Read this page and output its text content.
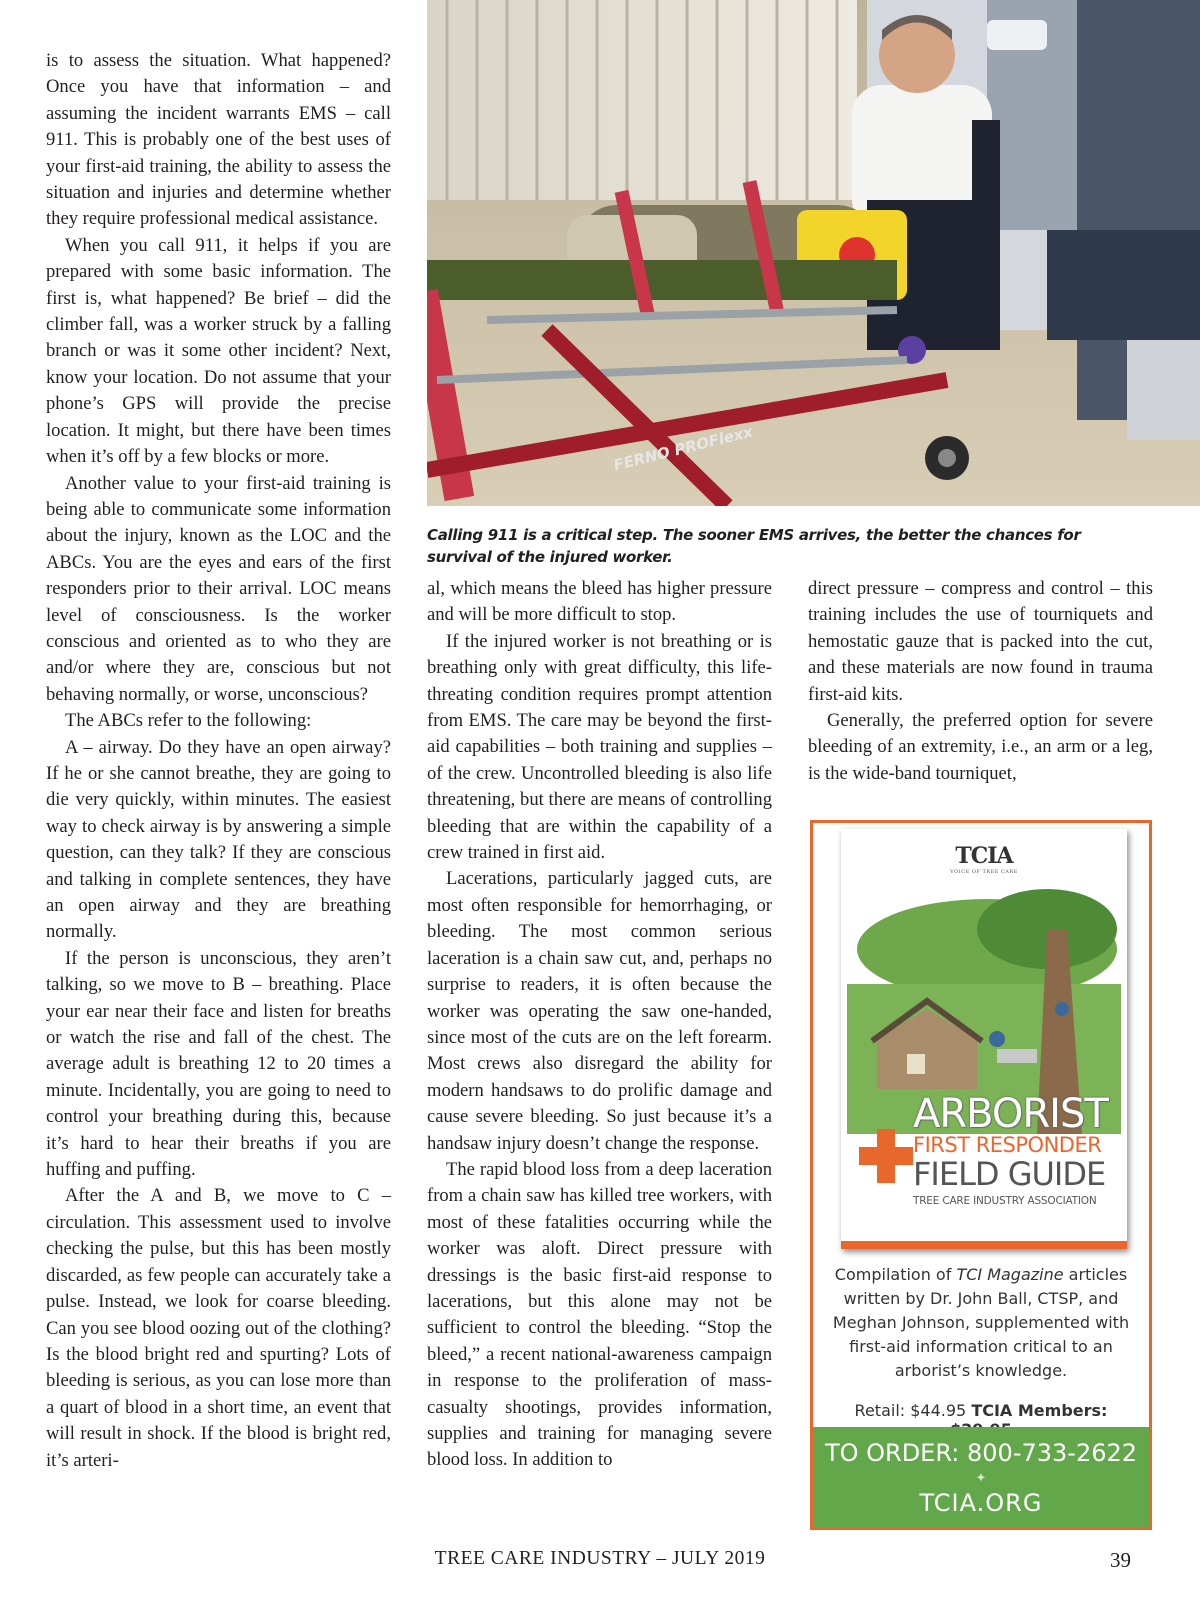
is to assess the situation. What happened? Once you have that information – and assuming the incident warrants EMS – call 911. This is probably one of the best uses of your first-aid training, the ability to assess the situation and injuries and determine whether they require professional medical assistance.

When you call 911, it helps if you are prepared with some basic information. The first is, what happened? Be brief – did the climber fall, was a worker struck by a falling branch or was it some other incident? Next, know your location. Do not assume that your phone’s GPS will provide the precise location. It might, but there have been times when it’s off by a few blocks or more.

Another value to your first-aid training is being able to communicate some information about the injury, known as the LOC and the ABCs. You are the eyes and ears of the first responders prior to their arrival. LOC means level of consciousness. Is the worker conscious and oriented as to who they are and/or where they are, conscious but not behaving normally, or worse, unconscious?

The ABCs refer to the following:

A – airway. Do they have an open airway? If he or she cannot breathe, they are going to die very quickly, within minutes. The easiest way to check airway is by answering a simple question, can they talk? If they are conscious and talking in complete sentences, they have an open airway and they are breathing normally.

If the person is unconscious, they aren’t talking, so we move to B – breathing. Place your ear near their face and listen for breaths or watch the rise and fall of the chest. The average adult is breathing 12 to 20 times a minute. Incidentally, you are going to need to control your breathing during this, because it’s hard to hear their breaths if you are huffing and puffing.

After the A and B, we move to C – circulation. This assessment used to involve checking the pulse, but this has been mostly discarded, as few people can accurately take a pulse. Instead, we look for coarse bleeding. Can you see blood oozing out of the clothing? Is the blood bright red and spurting? Lots of bleeding is serious, as you can lose more than a quart of blood in a short time, an event that will result in shock. If the blood is bright red, it’s arteri-

FERNO PROFlexx
Calling 911 is a critical step. The sooner EMS arrives, the better the chances for survival of the injured worker.

al, which means the bleed has higher pressure and will be more difficult to stop.

If the injured worker is not breathing or is breathing only with great difficulty, this life-threating condition requires prompt attention from EMS. The care may be beyond the first-aid capabilities – both training and supplies – of the crew. Uncontrolled bleeding is also life threatening, but there are means of controlling bleeding that are within the capability of a crew trained in first aid.

Lacerations, particularly jagged cuts, are most often responsible for hemorrhaging, or bleeding. The most common serious laceration is a chain saw cut, and, perhaps no surprise to readers, it is often because the worker was operating the saw one-handed, since most of the cuts are on the left forearm. Most crews also disregard the ability for modern handsaws to do prolific damage and cause severe bleeding. So just because it’s a handsaw injury doesn’t change the response.

The rapid blood loss from a deep laceration from a chain saw has killed tree workers, with most of these fatalities occurring while the worker was aloft. Direct pressure with dressings is the basic first-aid response to lacerations, but this alone may not be sufficient to control the bleeding. “Stop the bleed,” a recent national-awareness campaign in response to the proliferation of mass-casualty shootings, provides information, supplies and training for managing severe blood loss. In addition to

direct pressure – compress and control – this training includes the use of tourniquets and hemostatic gauze that is packed into the cut, and these materials are now found in trauma first-aid kits.

Generally, the preferred option for severe bleeding of an extremity, i.e., an arm or a leg, is the wide-band tourniquet,

TCIA
VOICE OF TREE CARE
ARBORIST
FIRST RESPONDER
FIELD GUIDE
TREE CARE INDUSTRY ASSOCIATION
Compilation of TCI Magazine articles written by Dr. John Ball, CTSP, and Meghan Johnson, supplemented with first-aid information critical to an arborist’s knowledge.
Retail: $44.95 TCIA Members:
TO ORDER: 800-733-2622
✦
TCIA.ORG
TREE CARE INDUSTRY – JULY 2019	39
